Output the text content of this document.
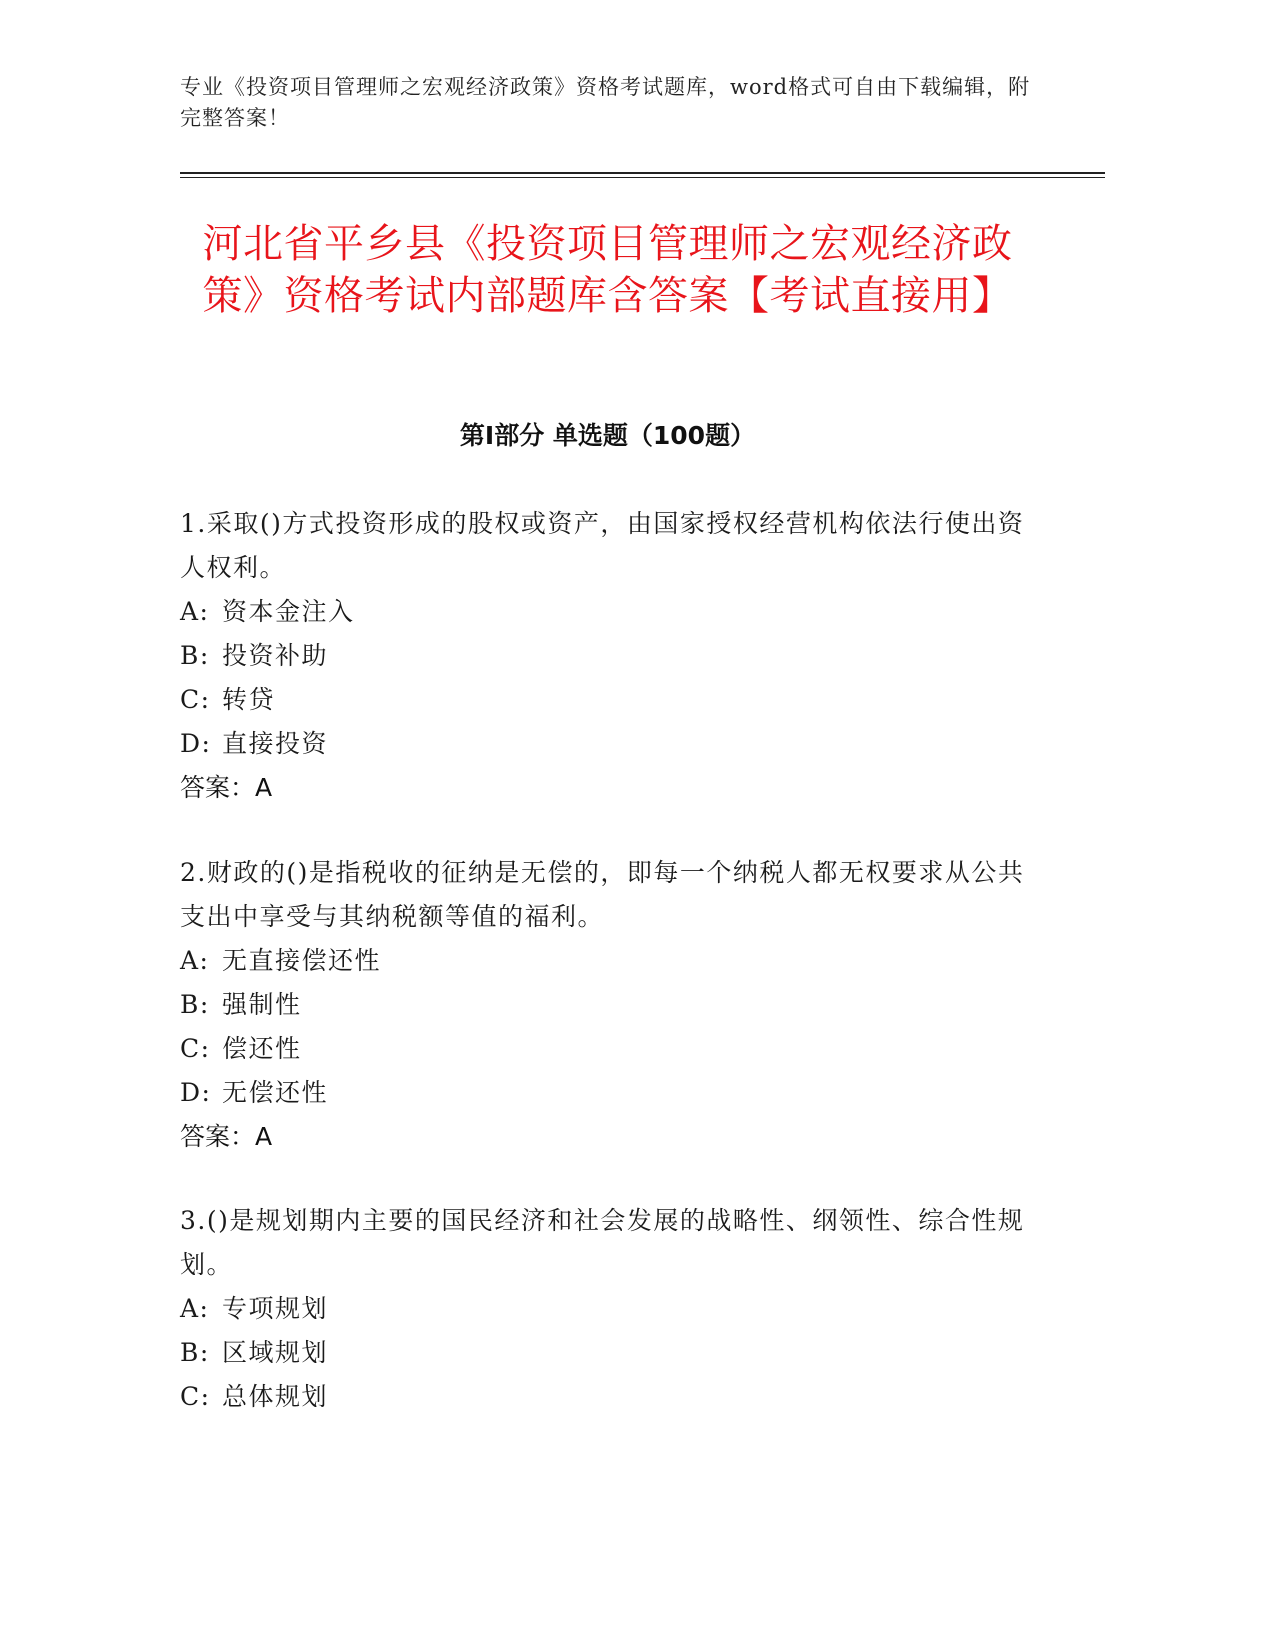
专业《投资项目管理师之宏观经济政策》资格考试题库，word格式可自由下载编辑，附完整答案！
河北省平乡县《投资项目管理师之宏观经济政策》资格考试内部题库含答案【考试直接用】
第I部分 单选题（100题）

1.采取()方式投资形成的股权或资产，由国家授权经营机构依法行使出资人权利。

A: 资本金注入

B: 投资补助

C: 转贷

D: 直接投资

答案：A

2.财政的()是指税收的征纳是无偿的，即每一个纳税人都无权要求从公共支出中享受与其纳税额等值的福利。

A: 无直接偿还性

B: 强制性

C: 偿还性

D: 无偿还性

答案：A

3.()是规划期内主要的国民经济和社会发展的战略性、纲领性、综合性规划。

A: 专项规划

B: 区域规划

C: 总体规划
